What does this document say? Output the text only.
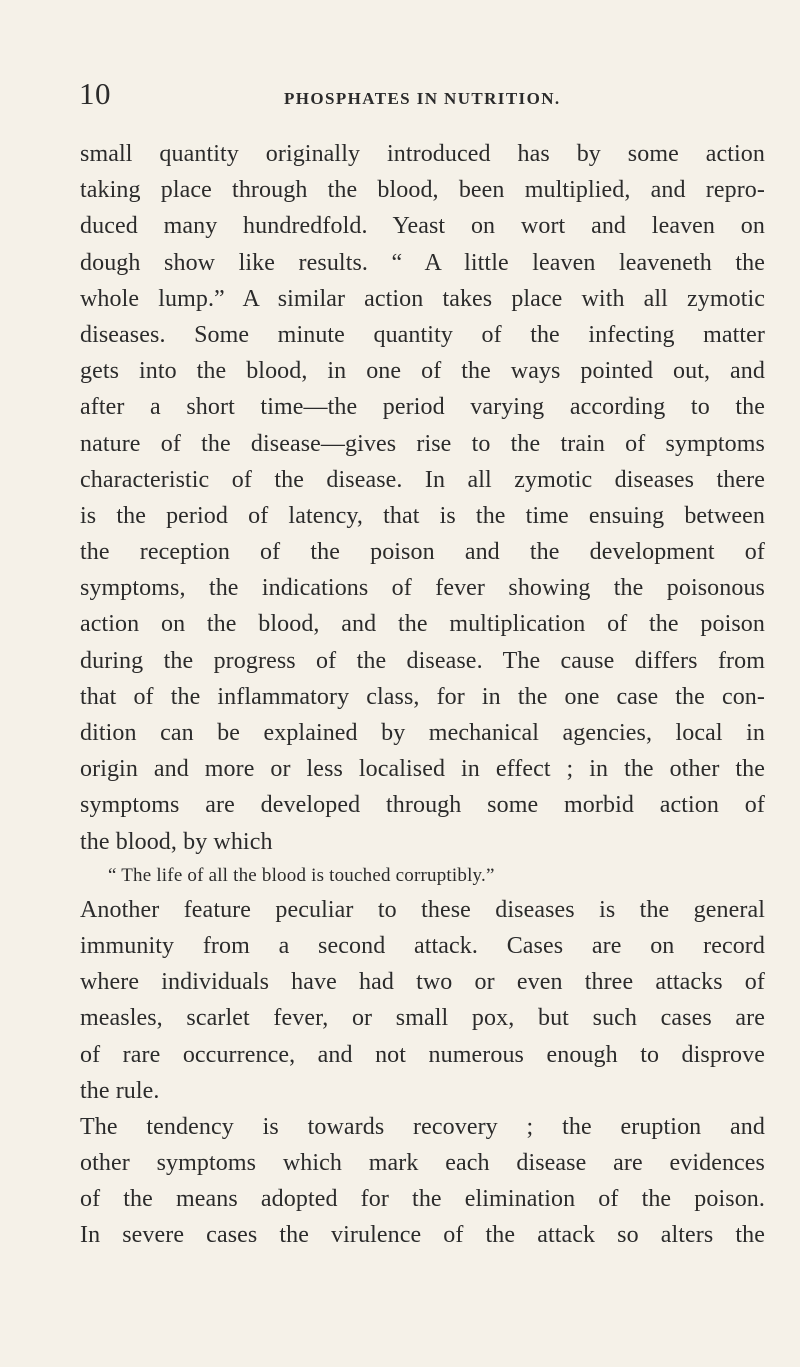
10	PHOSPHATES IN NUTRITION.
small quantity originally introduced has by some action
taking place through the blood, been multiplied, and repro-
duced many hundredfold. Yeast on wort and leaven on
dough show like results. “ A little leaven leaveneth the
whole lump.” A similar action takes place with all zymotic
diseases. Some minute quantity of the infecting matter
gets into the blood, in one of the ways pointed out, and
after a short time—the period varying according to the
nature of the disease—gives rise to the train of symptoms
characteristic of the disease. In all zymotic diseases there
is the period of latency, that is the time ensuing between
the reception of the poison and the development of
symptoms, the indications of fever showing the poisonous
action on the blood, and the multiplication of the poison
during the progress of the disease. The cause differs from
that of the inflammatory class, for in the one case the con-
dition can be explained by mechanical agencies, local in
origin and more or less localised in effect ; in the other the
symptoms are developed through some morbid action of
the blood, by which
“ The life of all the blood is touched corruptibly.”
Another feature peculiar to these diseases is the general
immunity from a second attack. Cases are on record
where individuals have had two or even three attacks of
measles, scarlet fever, or small pox, but such cases are
of rare occurrence, and not numerous enough to disprove
the rule.
The tendency is towards recovery ; the eruption and
other symptoms which mark each disease are evidences
of the means adopted for the elimination of the poison.
In severe cases the virulence of the attack so alters the
